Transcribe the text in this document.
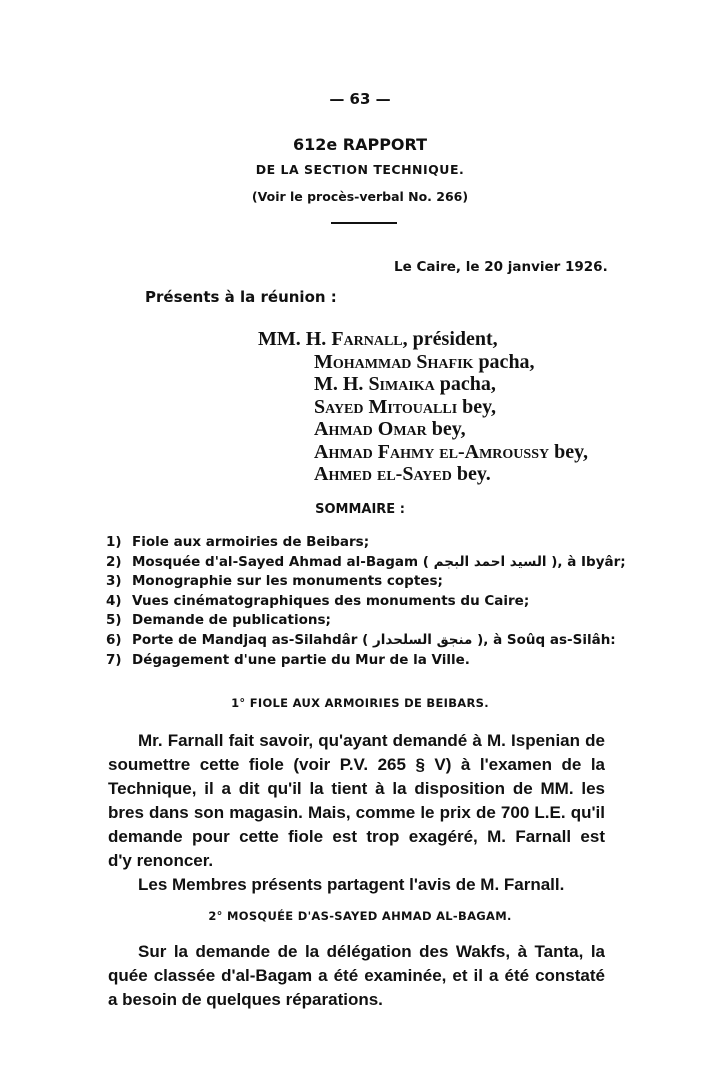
— 63 —
612e RAPPORT
DE LA SECTION TECHNIQUE.
(Voir le procès-verbal No. 266)
Le Caire, le 20 janvier 1926.
Présents à la réunion :
MM. H. Farnall, président,
Mohammad Shafik pacha,
M. H. Simaika pacha,
Sayed Mitoualli bey,
Ahmad Omar bey,
Ahmad Fahmy el-Amroussy bey,
Ahmed el-Sayed bey.
SOMMAIRE :
1) Fiole aux armoiries de Beibars;
2) Mosquée d'al-Sayed Ahmad al-Bagam ( السيد احمد البجم ), à Ibyâr;
3) Monographie sur les monuments coptes;
4) Vues cinématographiques des monuments du Caire;
5) Demande de publications;
6) Porte de Mandjaq as-Silahdâr ( منجق السلحدار ), à Soûq as-Silâh:
7) Dégagement d'une partie du Mur de la Ville.
1° FIOLE AUX ARMOIRIES DE BEIBARS.
Mr. Farnall fait savoir, qu'ayant demandé à M. Ispenian de
soumettre cette fiole (voir P.V. 265 § V) à l'examen de la
Technique, il a dit qu'il la tient à la disposition de MM. les
bres dans son magasin. Mais, comme le prix de 700 L.E. qu'il
demande pour cette fiole est trop exagéré, M. Farnall est
d'y renoncer.
Les Membres présents partagent l'avis de M. Farnall.
2° MOSQUÉE D'AS-SAYED AHMAD AL-BAGAM.
Sur la demande de la délégation des Wakfs, à Tanta, la
quée classée d'al-Bagam a été examinée, et il a été constaté
a besoin de quelques réparations.
